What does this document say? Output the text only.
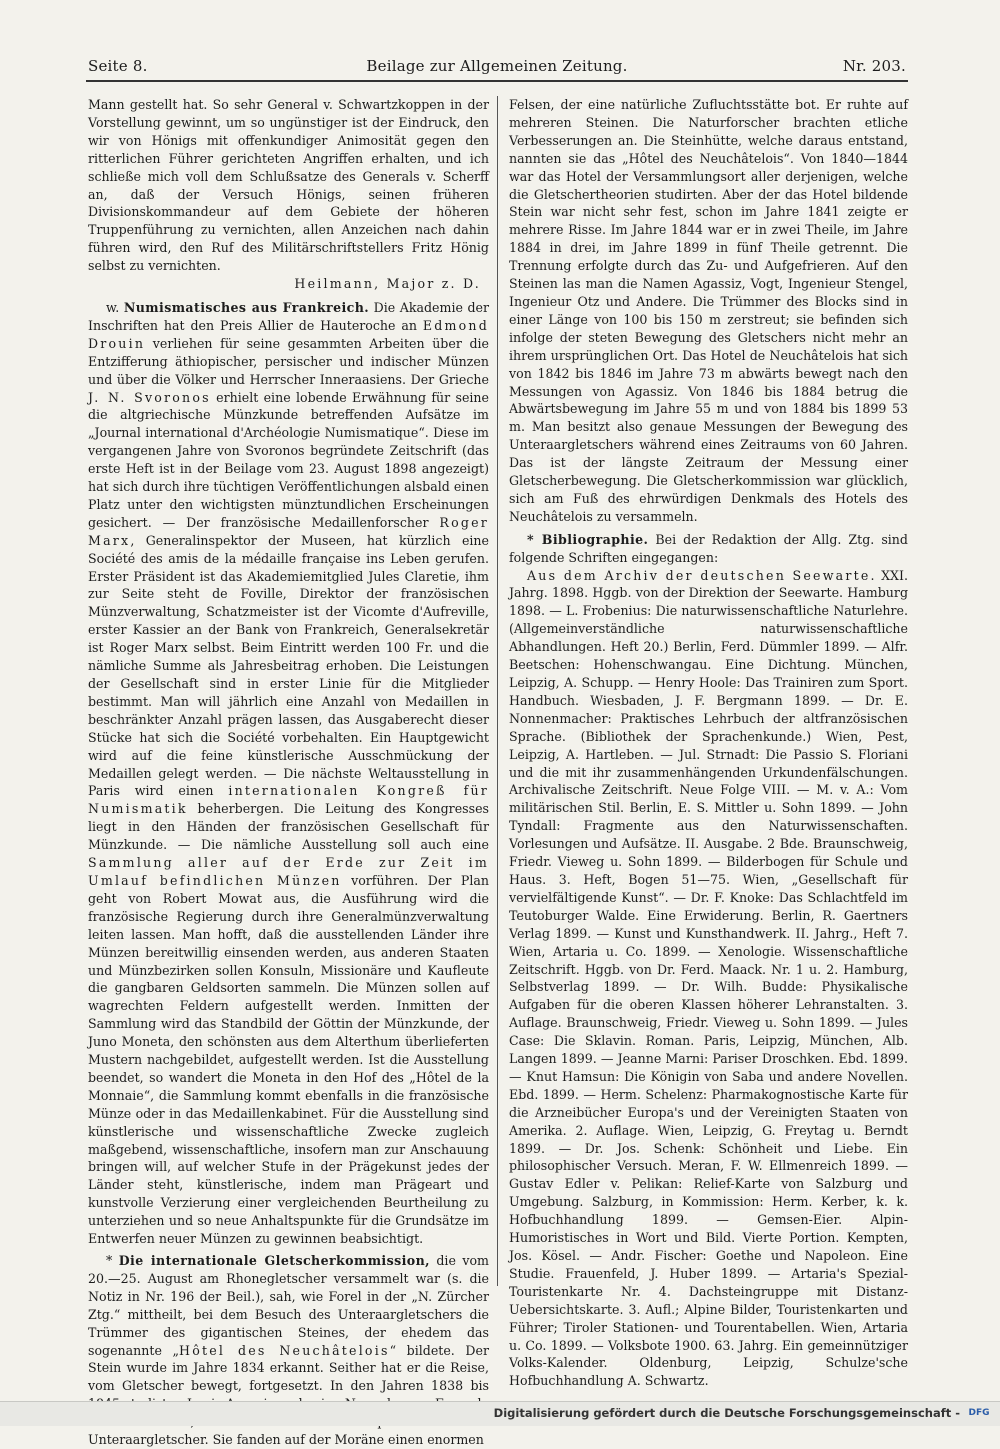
Seite 8.	Beilage zur Allgemeinen Zeitung.	Nr. 203.

Mann gestellt hat. So sehr General v. Schwartzkoppen in der Vorstellung gewinnt, um so ungünstiger ist der Eindruck, den wir von Hönigs mit offenkundiger Animosität gegen den ritterlichen Führer gerichteten Angriffen erhalten, und ich schließe mich voll dem Schlußsatze des Generals v. Scherff an, daß der Versuch Hönigs, seinen früheren Divisionskommandeur auf dem Gebiete der höheren Truppenführung zu vernichten, allen Anzeichen nach dahin führen wird, den Ruf des Militärschriftstellers Fritz Hönig selbst zu vernichten.

Heilmann, Major z. D.

w. Numismatisches aus Frankreich. Die Akademie der Inschriften hat den Preis Allier de Hauteroche an Edmond Drouin verliehen für seine gesammten Arbeiten über die Entzifferung äthiopischer, persischer und indischer Münzen und über die Völker und Herrscher Inneraasiens. Der Grieche J. N. Svoronos erhielt eine lobende Erwähnung für seine die altgriechische Münzkunde betreffenden Aufsätze im „Journal international d'Archéologie Numismatique“. Diese im vergangenen Jahre von Svoronos begründete Zeitschrift (das erste Heft ist in der Beilage vom 23. August 1898 angezeigt) hat sich durch ihre tüchtigen Veröffentlichungen alsbald einen Platz unter den wichtigsten münztundlichen Erscheinungen gesichert. — Der französische Medaillenforscher Roger Marx, Generalinspektor der Museen, hat kürzlich eine Société des amis de la médaille française ins Leben gerufen. Erster Präsident ist das Akademiemitglied Jules Claretie, ihm zur Seite steht de Foville, Direktor der französischen Münzverwaltung, Schatzmeister ist der Vicomte d'Aufreville, erster Kassier an der Bank von Frankreich, Generalsekretär ist Roger Marx selbst. Beim Eintritt werden 100 Fr. und die nämliche Summe als Jahresbeitrag erhoben. Die Leistungen der Gesellschaft sind in erster Linie für die Mitglieder bestimmt. Man will jährlich eine Anzahl von Medaillen in beschränkter Anzahl prägen lassen, das Ausgaberecht dieser Stücke hat sich die Société vorbehalten. Ein Hauptgewicht wird auf die feine künstlerische Ausschmückung der Medaillen gelegt werden. — Die nächste Weltausstellung in Paris wird einen internationalen Kongreß für Numismatik beherbergen. Die Leitung des Kongresses liegt in den Händen der französischen Gesellschaft für Münzkunde. — Die nämliche Ausstellung soll auch eine Sammlung aller auf der Erde zur Zeit im Umlauf befindlichen Münzen vorführen. Der Plan geht von Robert Mowat aus, die Ausführung wird die französische Regierung durch ihre Generalmünzverwaltung leiten lassen. Man hofft, daß die ausstellenden Länder ihre Münzen bereitwillig einsenden werden, aus anderen Staaten und Münzbezirken sollen Konsuln, Missionäre und Kaufleute die gangbaren Geldsorten sammeln. Die Münzen sollen auf wagrechten Feldern aufgestellt werden. Inmitten der Sammlung wird das Standbild der Göttin der Münzkunde, der Juno Moneta, den schönsten aus dem Alterthum überlieferten Mustern nachgebildet, aufgestellt werden. Ist die Ausstellung beendet, so wandert die Moneta in den Hof des „Hôtel de la Monnaie“, die Sammlung kommt ebenfalls in die französische Münze oder in das Medaillenkabinet. Für die Ausstellung sind künstlerische und wissenschaftliche Zwecke zugleich maßgebend, wissenschaftliche, insofern man zur Anschauung bringen will, auf welcher Stufe in der Prägekunst jedes der Länder steht, künstlerische, indem man Prägeart und kunstvolle Verzierung einer vergleichenden Beurtheilung zu unterziehen und so neue Anhaltspunkte für die Grundsätze im Entwerfen neuer Münzen zu gewinnen beabsichtigt.

* Die internationale Gletscherkommission, die vom 20.—25. August am Rhonegletscher versammelt war (s. die Notiz in Nr. 196 der Beil.), sah, wie Forel in der „N. Zürcher Ztg.“ mittheilt, bei dem Besuch des Unteraargletschers die Trümmer des gigantischen Steines, der ehedem das sogenannte „Hôtel des Neuchâtelois“ bildete. Der Stein wurde im Jahre 1834 erkannt. Seither hat er die Reise, vom Gletscher bewegt, fortgesetzt. In den Jahren 1838 bis Unteraargletscher. Sie fanden auf der Moräne einen enormen

Felsen, der eine natürliche Zufluchtsstätte bot. Er ruhte auf mehreren Steinen. Die Naturforscher brachten etliche Verbesserungen an. Die Steinhütte, welche daraus entstand, nannten sie das „Hôtel des Neuchâtelois“. Von 1840—1844 war das Hotel der Versammlungsort aller derjenigen, welche die Gletschertheorien studirten. Aber der das Hotel bildende Stein war nicht sehr fest, schon im Jahre 1841 zeigte er mehrere Risse. Im Jahre 1844 war er in zwei Theile, im Jahre 1884 in drei, im Jahre 1899 in fünf Theile getrennt. Die Trennung erfolgte durch das Zu- und Aufgefrieren. Auf den Steinen las man die Namen Agassiz, Vogt, Ingenieur Stengel, Ingenieur Otz und Andere. Die Trümmer des Blocks sind in einer Länge von 100 bis 150 m zerstreut; sie befinden sich infolge der steten Bewegung des Gletschers nicht mehr an ihrem ursprünglichen Ort. Das Hotel de Neuchâtelois hat sich von 1842 bis 1846 im Jahre 73 m abwärts bewegt nach den Messungen von Agassiz. Von 1846 bis 1884 betrug die Abwärtsbewegung im Jahre 55 m und von 1884 bis 1899 53 m. Man besitzt also genaue Messungen der Bewegung des Unteraargletschers während eines Zeitraums von 60 Jahren. Das ist der längste Zeitraum der Messung einer Gletscherbewegung. Die Gletscherkommission war glücklich, sich am Fuß des ehrwürdigen Denkmals des Hotels des Neuchâtelois zu versammeln.

* Bibliographie. Bei der Redaktion der Allg. Ztg. sind folgende Schriften eingegangen:

Aus dem Archiv der deutschen Seewarte. XXI. Jahrg. 1898. Hggb. von der Direktion der Seewarte. Hamburg 1898. — L. Frobenius: Die naturwissenschaftliche Naturlehre. (Allgemeinverständliche naturwissenschaftliche Abhandlungen. Heft 20.) Berlin, Ferd. Dümmler 1899. — Alfr. Beetschen: Hohenschwangau. Eine Dichtung. München, Leipzig, A. Schupp. — Henry Hoole: Das Trainiren zum Sport. Handbuch. Wiesbaden, J. F. Bergmann 1899. — Dr. E. Nonnenmacher: Praktisches Lehrbuch der altfranzösischen Sprache. (Bibliothek der Sprachenkunde.) Wien, Pest, Leipzig, A. Hartleben. — Jul. Strnadt: Die Passio S. Floriani und die mit ihr zusammenhängenden Urkundenfälschungen. Archivalische Zeitschrift. Neue Folge VIII. — M. v. A.: Vom militärischen Stil. Berlin, E. S. Mittler u. Sohn 1899. — John Tyndall: Fragmente aus den Naturwissenschaften. Vorlesungen und Aufsätze. II. Ausgabe. 2 Bde. Braunschweig, Friedr. Vieweg u. Sohn 1899. — Bilderbogen für Schule und Haus. 3. Heft, Bogen 51—75. Wien, „Gesellschaft für vervielfältigende Kunst“. — Dr. F. Knoke: Das Schlachtfeld im Teutoburger Walde. Eine Erwiderung. Berlin, R. Gaertners Verlag 1899. — Kunst und Kunsthandwerk. II. Jahrg., Heft 7. Wien, Artaria u. Co. 1899. — Xenologie. Wissenschaftliche Zeitschrift. Hggb. von Dr. Ferd. Maack. Nr. 1 u. 2. Hamburg, Selbstverlag 1899. — Dr. Wilh. Budde: Physikalische Aufgaben für die oberen Klassen höherer Lehranstalten. 3. Auflage. Braunschweig, Friedr. Vieweg u. Sohn 1899. — Jules Case: Die Sklavin. Roman. Paris, Leipzig, München, Alb. Langen 1899. — Jeanne Marni: Pariser Droschken. Ebd. 1899. — Knut Hamsun: Die Königin von Saba und andere Novellen. Ebd. 1899. — Herm. Schelenz: Pharmakognostische Karte für die Arzneibücher Europa's und der Vereinigten Staaten von Amerika. 2. Auflage. Wien, Leipzig, G. Freytag u. Berndt 1899. — Dr. Jos. Schenk: Schönheit und Liebe. Ein philosophischer Versuch. Meran, F. W. Ellmenreich 1899. — Gustav Edler v. Pelikan: Relief-Karte von Salzburg und Umgebung. Salzburg, in Kommission: Herm. Kerber, k. k. Hofbuchhandlung 1899. — Gemsen-Eier. Alpin-Humoristisches in Wort und Bild. Vierte Portion. Kempten, Jos. Kösel. — Andr. Fischer: Goethe und Napoleon. Eine Studie. Frauenfeld, J. Huber 1899. — Artaria's Spezial-Touristenkarte Nr. 4. Dachsteingruppe mit Distanz-Uebersichtskarte. 3. Aufl.; Alpine Bilder, Touristenkarten und Führer; Tiroler Stationen- und Tourentabellen. Wien, Artaria u. Co. 1899. — Volksbote 1900. 63. Jahrg. Ein gemeinnütziger Volks-Kalender. Oldenburg, Leipzig, Schulze'sche Hofbuchhandlung A. Schwartz.

Digitalisierung gefördert durch die Deutsche Forschungsgemeinschaft - DFG
